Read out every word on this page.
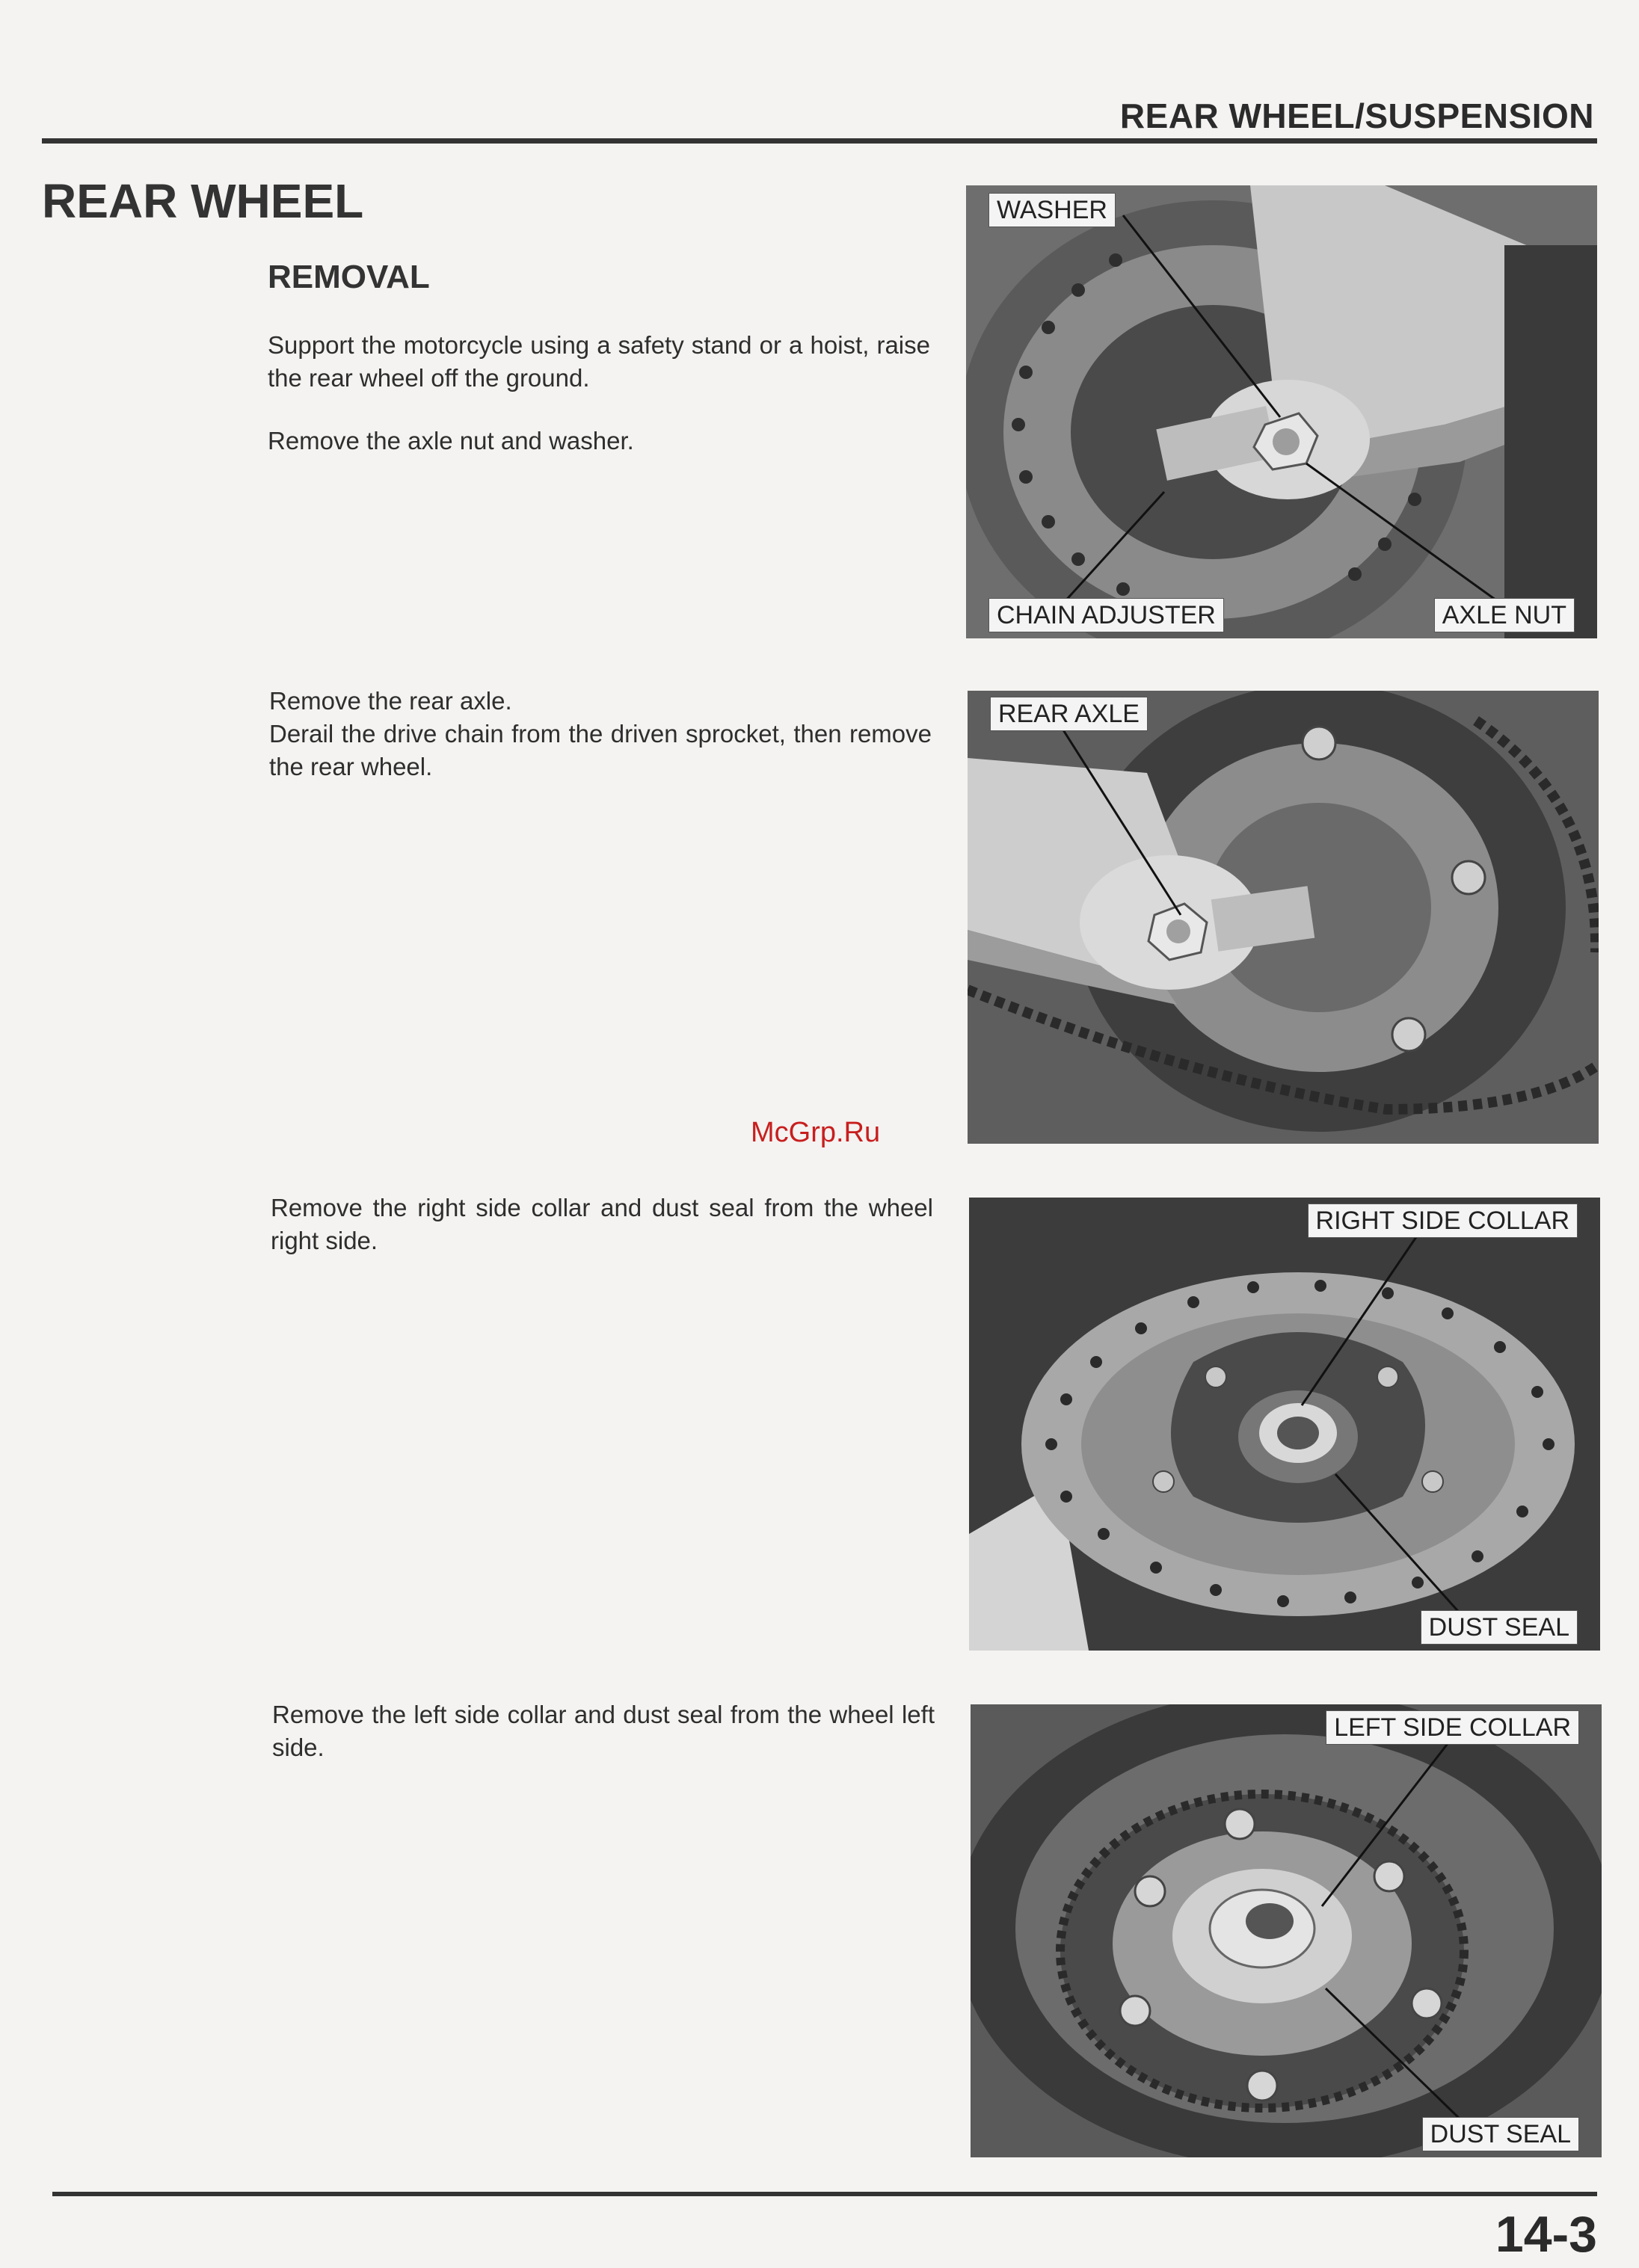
REAR WHEEL/SUSPENSION
REAR WHEEL
REMOVAL

Support the motorcycle using a safety stand or a hoist, raise the rear wheel off the ground.

Remove the axle nut and washer.

WASHER
CHAIN ADJUSTER	AXLE NUT

Remove the rear axle.

Derail the drive chain from the driven sprocket, then remove the rear wheel.

REAR AXLE
McGrp.Ru

Remove the right side collar and dust seal from the wheel right side.

RIGHT SIDE COLLAR
DUST SEAL

Remove the left side collar and dust seal from the wheel left side.

LEFT SIDE COLLAR
DUST SEAL
14-3
